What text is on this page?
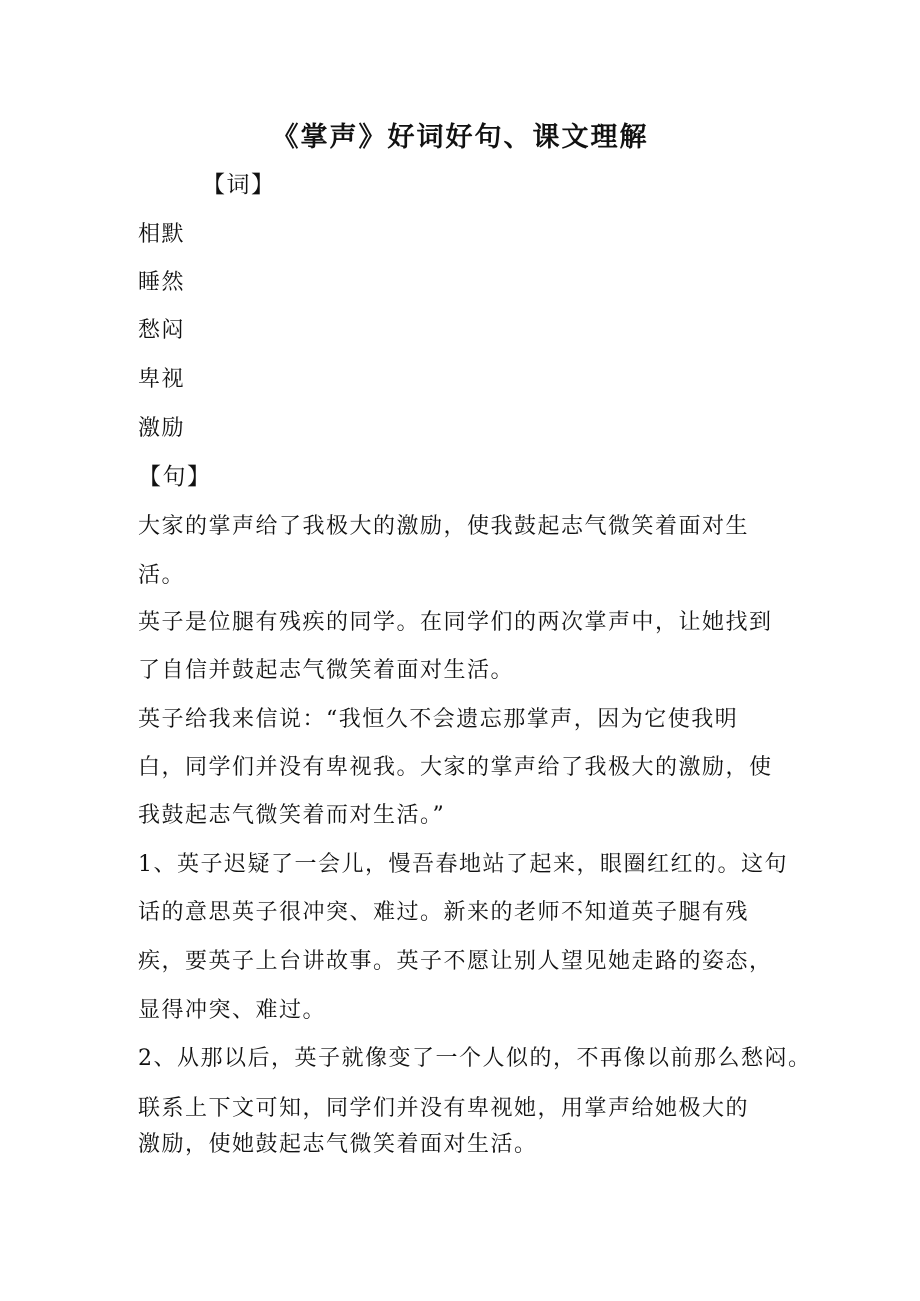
《掌声》好词好句、课文理解

【词】

相默

睡然

愁闷

卑视

激励

【句】

大家的掌声给了我极大的激励，使我鼓起志气微笑着面对生

活。

英子是位腿有残疾的同学。在同学们的两次掌声中，让她找到

了自信并鼓起志气微笑着面对生活。

英子给我来信说：“我恒久不会遗忘那掌声，因为它使我明

白，同学们并没有卑视我。大家的掌声给了我极大的激励，使

我鼓起志气微笑着而对生活。”

1、英子迟疑了一会儿，慢吾春地站了起来，眼圈红红的。这句

话的意思英子很冲突、难过。新来的老师不知道英子腿有残

疾，要英子上台讲故事。英子不愿让别人望见她走路的姿态，

显得冲突、难过。

2、从那以后，英子就像变了一个人似的，不再像以前那么愁闷。

联系上下文可知，同学们并没有卑视她，用掌声给她极大的

激励，使她鼓起志气微笑着面对生活。
